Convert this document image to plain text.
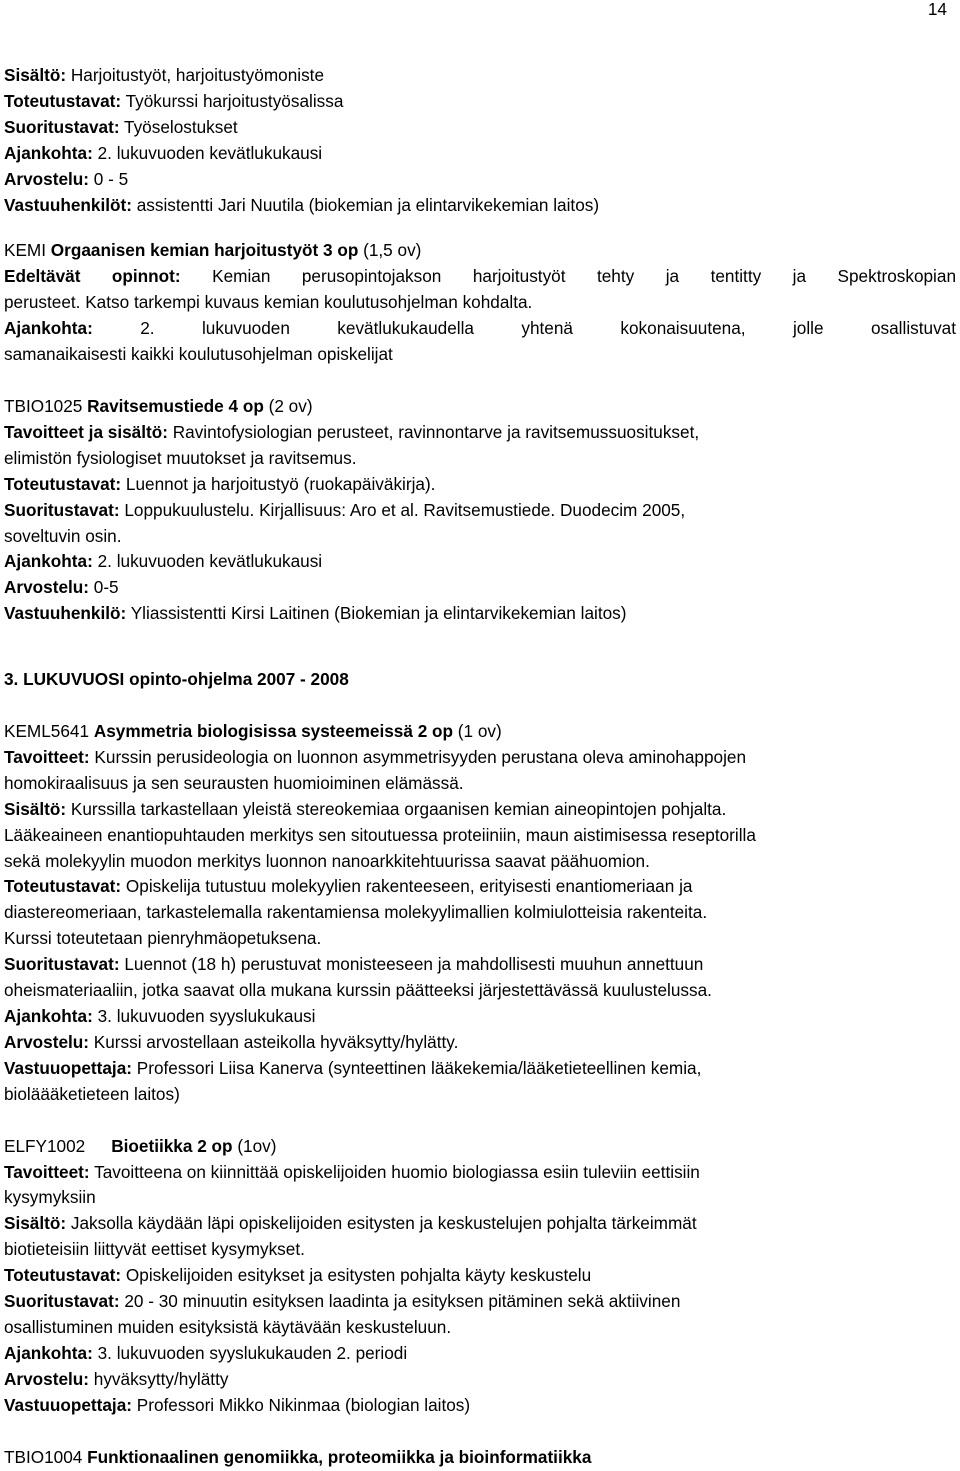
14
Sisältö: Harjoitustyöt, harjoitustyömoniste
Toteutustavat: Työkurssi harjoitustyösalissa
Suoritustavat: Työselostukset
Ajankohta: 2. lukuvuoden kevätlukukausi
Arvostelu: 0 - 5
Vastuuhenkilöt: assistentti Jari Nuutila (biokemian ja elintarvikekemian laitos)
KEMI Orgaanisen kemian harjoitustyöt 3 op (1,5 ov)
Edeltävät opinnot: Kemian perusopintojakson harjoitustyöt tehty ja tentitty ja Spektroskopian
perusteet. Katso tarkempi kuvaus kemian koulutusohjelman kohdalta.
Ajankohta: 2. lukuvuoden kevätlukukaudella yhtenä kokonaisuutena, jolle osallistuvat
samanaikaisesti kaikki koulutusohjelman opiskelijat
TBIO1025 Ravitsemustiede 4 op (2 ov)
Tavoitteet ja sisältö: Ravintofysiologian perusteet, ravinnontarve ja ravitsemussuositukset,
elimistön fysiologiset muutokset ja ravitsemus.
Toteutustavat: Luennot ja harjoitustyö (ruokapäiväkirja).
Suoritustavat: Loppukuulustelu. Kirjallisuus: Aro et al. Ravitsemustiede. Duodecim 2005,
soveltuvin osin.
Ajankohta: 2. lukuvuoden kevätlukukausi
Arvostelu: 0-5
Vastuuhenkilö: Yliassistentti Kirsi Laitinen (Biokemian ja elintarvikekemian laitos)
3. LUKUVUOSI opinto-ohjelma 2007 - 2008
KEML5641 Asymmetria biologisissa systeemeissä 2 op (1 ov)
Tavoitteet: Kurssin perusideologia on luonnon asymmetrisyyden perustana oleva aminohappojen
homokiraalisuus ja sen seurausten huomioiminen elämässä.
Sisältö: Kurssilla tarkastellaan yleistä stereokemiaa orgaanisen kemian aineopintojen pohjalta.
Lääkeaineen enantiopuhtauden merkitys sen sitoutuessa proteiiniin, maun aistimisessa reseptorilla
sekä molekyylin muodon merkitys luonnon nanoarkkitehtuurissa saavat päähuomion.
Toteutustavat: Opiskelija tutustuu molekyylien rakenteeseen, erityisesti enantiomeriaan ja
diastereomeriaan, tarkastelemalla rakentamiensa molekyylimallien kolmiulotteisia rakenteita.
Kurssi toteutetaan pienryhmäopetuksena.
Suoritustavat: Luennot (18 h) perustuvat monisteeseen ja mahdollisesti muuhun annettuun
oheismateriaaliin, jotka saavat olla mukana kurssin päätteeksi järjestettävässä kuulustelussa.
Ajankohta: 3. lukuvuoden syyslukukausi
Arvostelu: Kurssi arvostellaan asteikolla hyväksytty/hylätty.
Vastuuopettaja: Professori Liisa Kanerva (synteettinen lääkekemia/lääketieteellinen kemia,
bioläääketieteen laitos)
ELFY1002 Bioetiikka 2 op (1ov)
Tavoitteet: Tavoitteena on kiinnittää opiskelijoiden huomio biologiassa esiin tuleviin eettisiin
kysymyksiin
Sisältö: Jaksolla käydään läpi opiskelijoiden esitysten ja keskustelujen pohjalta tärkeimmät
biotieteisiin liittyvät eettiset kysymykset.
Toteutustavat: Opiskelijoiden esitykset ja esitysten pohjalta käyty keskustelu
Suoritustavat: 20 - 30 minuutin esityksen laadinta ja esityksen pitäminen sekä aktiivinen
osallistuminen muiden esityksistä käytävään keskusteluun.
Ajankohta: 3. lukuvuoden syyslukukauden 2. periodi
Arvostelu: hyväksytty/hylätty
Vastuuopettaja: Professori Mikko Nikinmaa (biologian laitos)
TBIO1004 Funktionaalinen genomiikka, proteomiikka ja bioinformatiikka
